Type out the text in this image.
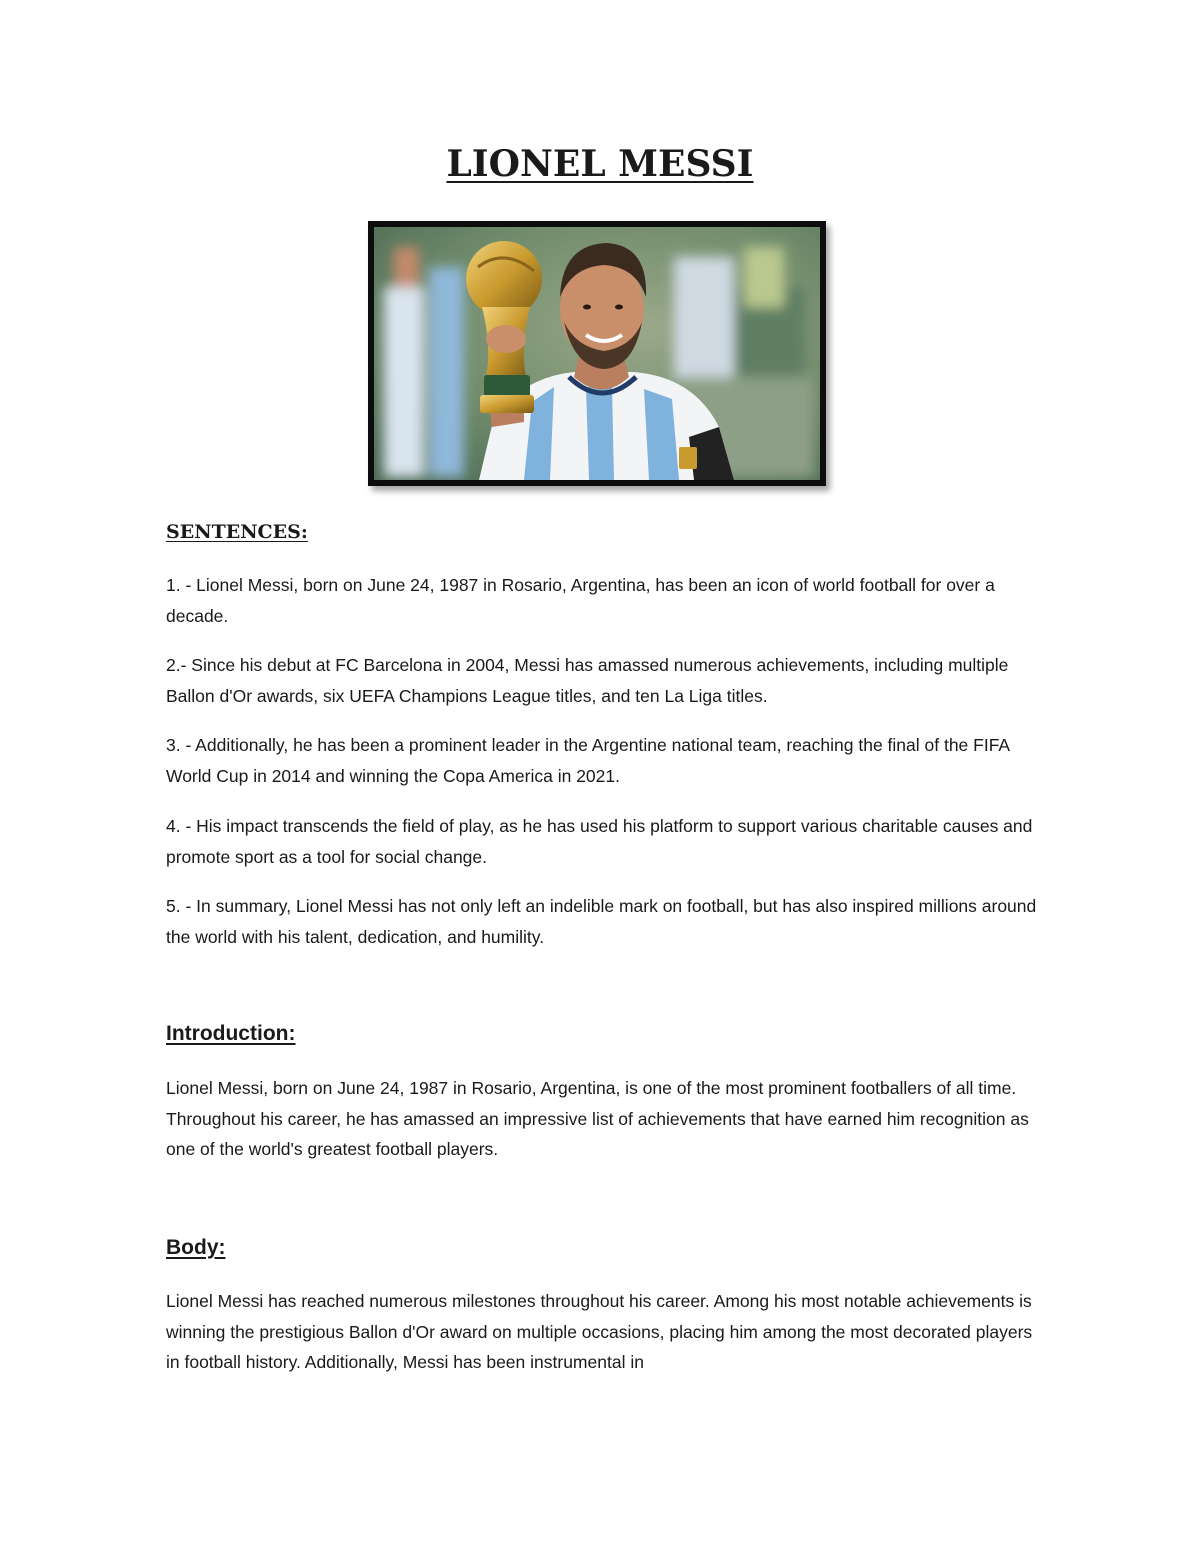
LIONEL MESSI
SENTENCES:

1. - Lionel Messi, born on June 24, 1987 in Rosario, Argentina, has been an icon of world football for over a decade.

2.- Since his debut at FC Barcelona in 2004, Messi has amassed numerous achievements, including multiple Ballon d'Or awards, six UEFA Champions League titles, and ten La Liga titles.

3. - Additionally, he has been a prominent leader in the Argentine national team, reaching the final of the FIFA World Cup in 2014 and winning the Copa America in 2021.

4. - His impact transcends the field of play, as he has used his platform to support various charitable causes and promote sport as a tool for social change.

5. - In summary, Lionel Messi has not only left an indelible mark on football, but has also inspired millions around the world with his talent, dedication, and humility.

Introduction:

Lionel Messi, born on June 24, 1987 in Rosario, Argentina, is one of the most prominent footballers of all time. Throughout his career, he has amassed an impressive list of achievements that have earned him recognition as one of the world's greatest football players.

Body:

Lionel Messi has reached numerous milestones throughout his career. Among his most notable achievements is winning the prestigious Ballon d'Or award on multiple occasions, placing him among the most decorated players in football history. Additionally, Messi has been instrumental in
